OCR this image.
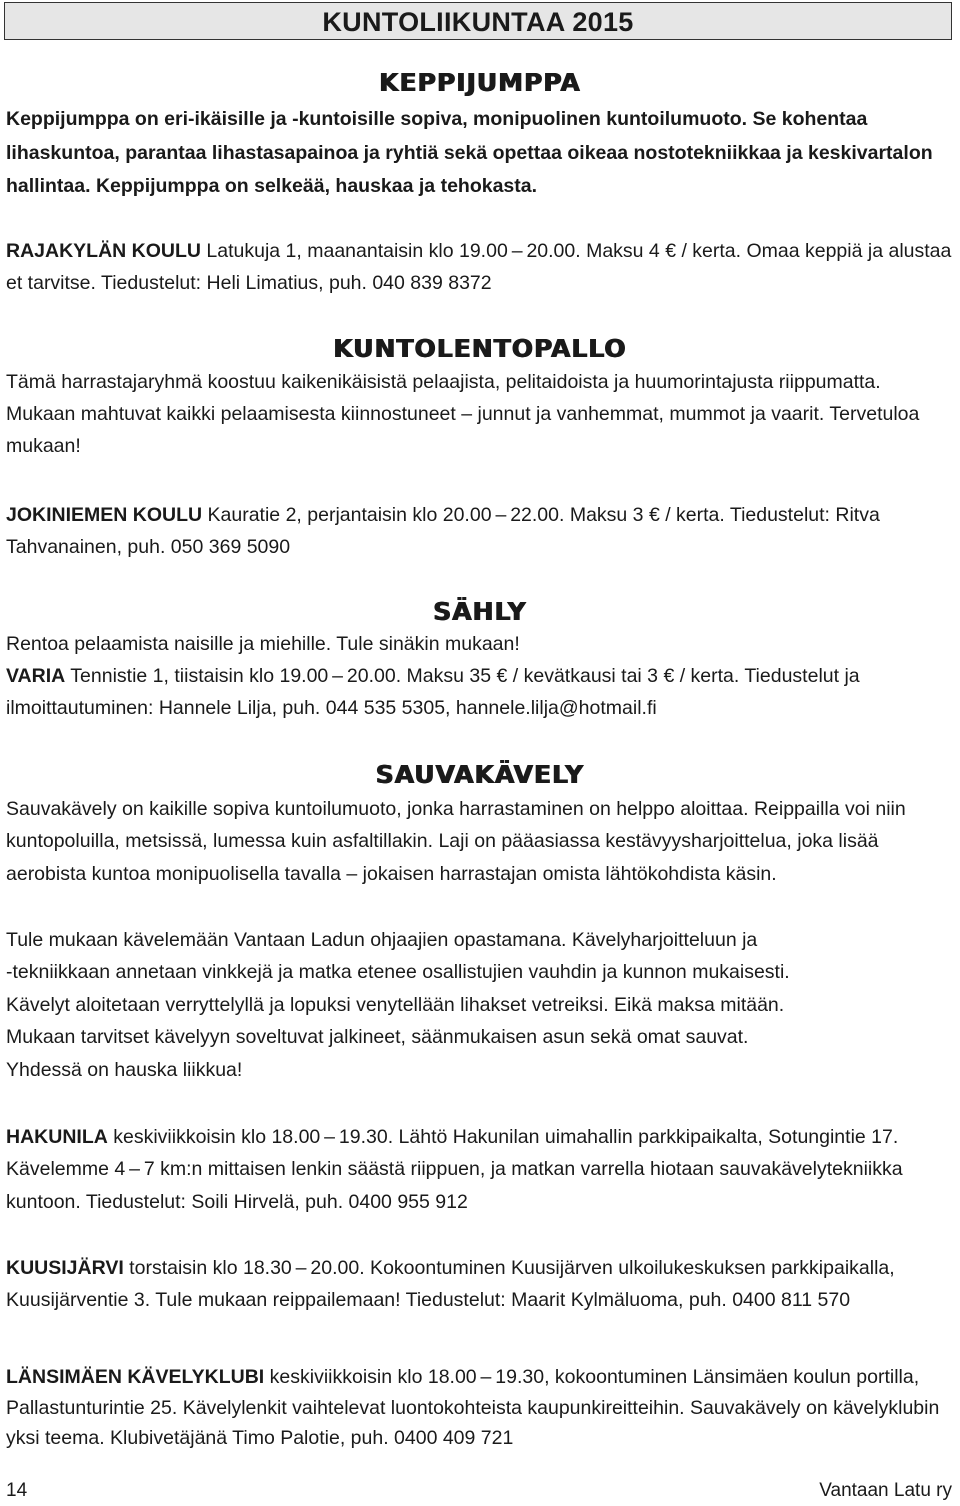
KUNTOLIIKUNTAA 2015
KEPPIJUMPPA

Keppijumppa on eri-ikäisille ja -kuntoisille sopiva, monipuolinen kuntoilumuoto. Se kohentaa lihaskuntoa, parantaa lihastasapainoa ja ryhtiä sekä opettaa oikeaa nostotekniikkaa ja keskivartalon hallintaa. Keppijumppa on selkeää, hauskaa ja tehokasta.

RAJAKYLÄN KOULU Latukuja 1, maanantaisin klo 19.00 – 20.00. Maksu 4 € / kerta. Omaa keppiä ja alustaa et tarvitse. Tiedustelut: Heli Limatius, puh. 040 839 8372

KUNTOLENTOPALLO

Tämä harrastajaryhmä koostuu kaikenikäisistä pelaajista, pelitaidoista ja huumorintajusta riippumatta. Mukaan mahtuvat kaikki pelaamisesta kiinnostuneet – junnut ja vanhemmat, mummot ja vaarit. Tervetuloa mukaan!

JOKINIEMEN KOULU Kauratie 2, perjantaisin klo 20.00 – 22.00. Maksu 3 € / kerta. Tiedustelut: Ritva Tahvanainen, puh. 050 369 5090

SÄHLY

Rentoa pelaamista naisille ja miehille. Tule sinäkin mukaan!

VARIA Tennistie 1, tiistaisin klo 19.00 – 20.00. Maksu 35 € / kevätkausi tai 3 € / kerta. Tiedustelut ja ilmoittautuminen: Hannele Lilja, puh. 044 535 5305, hannele.lilja@hotmail.fi

SAUVAKÄVELY

Sauvakävely on kaikille sopiva kuntoilumuoto, jonka harrastaminen on helppo aloittaa. Reippailla voi niin kuntopoluilla, metsissä, lumessa kuin asfaltillakin. Laji on pääasiassa kestävyysharjoittelua, joka lisää aerobista kuntoa monipuolisella tavalla – jokaisen harrastajan omista lähtökohdista käsin.

Tule mukaan kävelemään Vantaan Ladun ohjaajien opastamana. Kävelyharjoitteluun ja

-tekniikkaan annetaan vinkkejä ja matka etenee osallistujien vauhdin ja kunnon mukaisesti.

Kävelyt aloitetaan verryttelyllä ja lopuksi venytellään lihakset vetreiksi. Eikä maksa mitään.

Mukaan tarvitset kävelyyn soveltuvat jalkineet, säänmukaisen asun sekä omat sauvat.

Yhdessä on hauska liikkua!

HAKUNILA keskiviikkoisin klo 18.00 – 19.30. Lähtö Hakunilan uimahallin parkkipaikalta, Sotungintie 17. Kävelemme 4 – 7 km:n mittaisen lenkin säästä riippuen, ja matkan varrella hiotaan sauvakävelytekniikka kuntoon. Tiedustelut: Soili Hirvelä, puh. 0400 955 912

KUUSIJÄRVI torstaisin klo 18.30 – 20.00. Kokoontuminen Kuusijärven ulkoilukeskuksen parkkipaikalla, Kuusijärventie 3. Tule mukaan reippailemaan! Tiedustelut: Maarit Kylmäluoma, puh. 0400 811 570

LÄNSIMÄEN KÄVELYKLUBI keskiviikkoisin klo 18.00 – 19.30, kokoontuminen Länsimäen koulun portilla, Pallastunturintie 25. Kävelylenkit vaihtelevat luontokohteista kaupunkireitteihin. Sauvakävely on kävelyklubin yksi teema. Klubivetäjänä Timo Palotie, puh. 0400 409 721

14	Vantaan Latu ry
